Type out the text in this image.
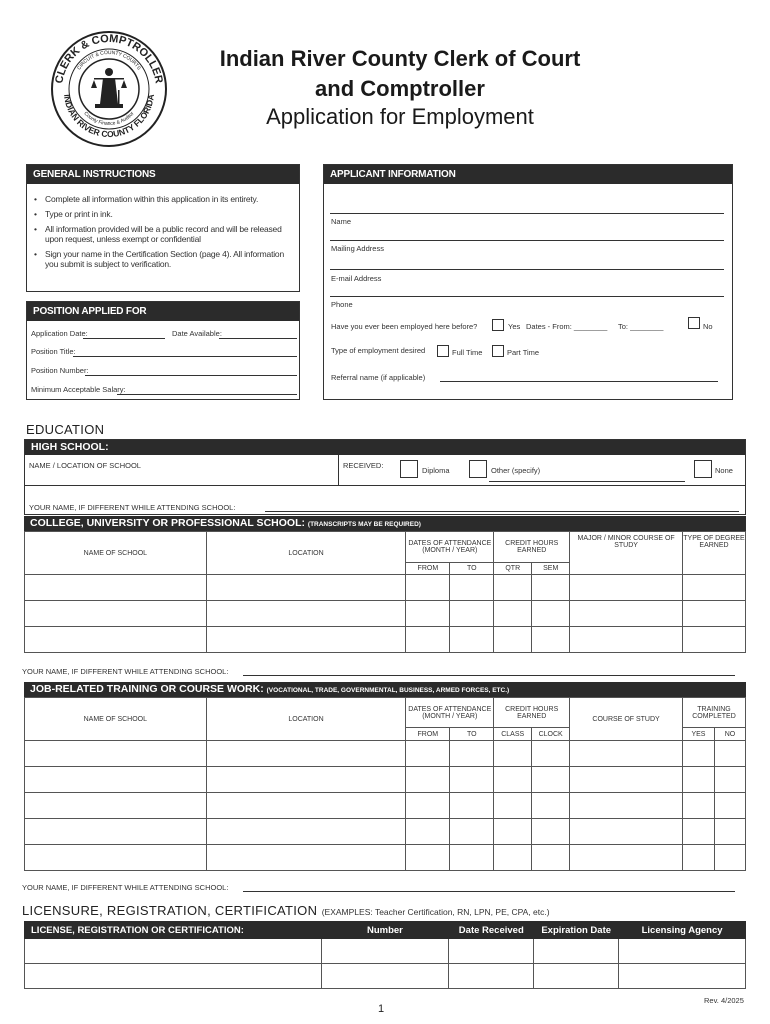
CLERK & COMPTROLLER
INDIAN RIVER COUNTY FLORIDA
CIRCUIT & COUNTY COURTS
County Finance & Auditor
Indian River County Clerk of Court
and Comptroller
Application for Employment
GENERAL INSTRUCTIONS
• Complete all information within this application in its entirety.
• Type or print in ink.
• All information provided will be a public record and will be released upon request, unless exempt or confidential
• Sign your name in the Certification Section (page 4). All information you submit is subject to verification.
POSITION APPLIED FOR
Application Date:	Date Available:
Position Title:
Position Number:
Minimum Acceptable Salary:
APPLICANT INFORMATION
Name
Mailing Address
E-mail Address
Phone
Have you ever been employed here before?	Yes Dates - From: ________ To: ________	No
Type of employment desired	Full Time	Part Time
Referral name (if applicable)
EDUCATION
HIGH SCHOOL:
NAME / LOCATION OF SCHOOL	RECEIVED:
Diploma	Other (specify)	None
YOUR NAME, IF DIFFERENT WHILE ATTENDING SCHOOL:
COLLEGE, UNIVERSITY OR PROFESSIONAL SCHOOL: (TRANSCRIPTS MAY BE REQUIRED)
NAME OF SCHOOL	LOCATION	DATES OF ATTENDANCE (MONTH / YEAR)		CREDIT HOURS EARNED		MAJOR / MINOR COURSE OF STUDY	TYPE OF DEGREE EARNED
		FROM	TO	QTR	SEM		

YOUR NAME, IF DIFFERENT WHILE ATTENDING SCHOOL:
JOB-RELATED TRAINING OR COURSE WORK: (VOCATIONAL, TRADE, GOVERNMENTAL, BUSINESS, ARMED FORCES, ETC.)
NAME OF SCHOOL	LOCATION	DATES OF ATTENDANCE (MONTH / YEAR)		CREDIT HOURS EARNED		COURSE OF STUDY	TRAINING COMPLETED	
		FROM	TO	CLASS	CLOCK		YES	NO

YOUR NAME, IF DIFFERENT WHILE ATTENDING SCHOOL:
LICENSURE, REGISTRATION, CERTIFICATION (EXAMPLES: Teacher Certification, RN, LPN, PE, CPA, etc.)
LICENSE, REGISTRATION OR CERTIFICATION:	Number	Date Received	Expiration Date	Licensing Agency

1
Rev. 4/2025
